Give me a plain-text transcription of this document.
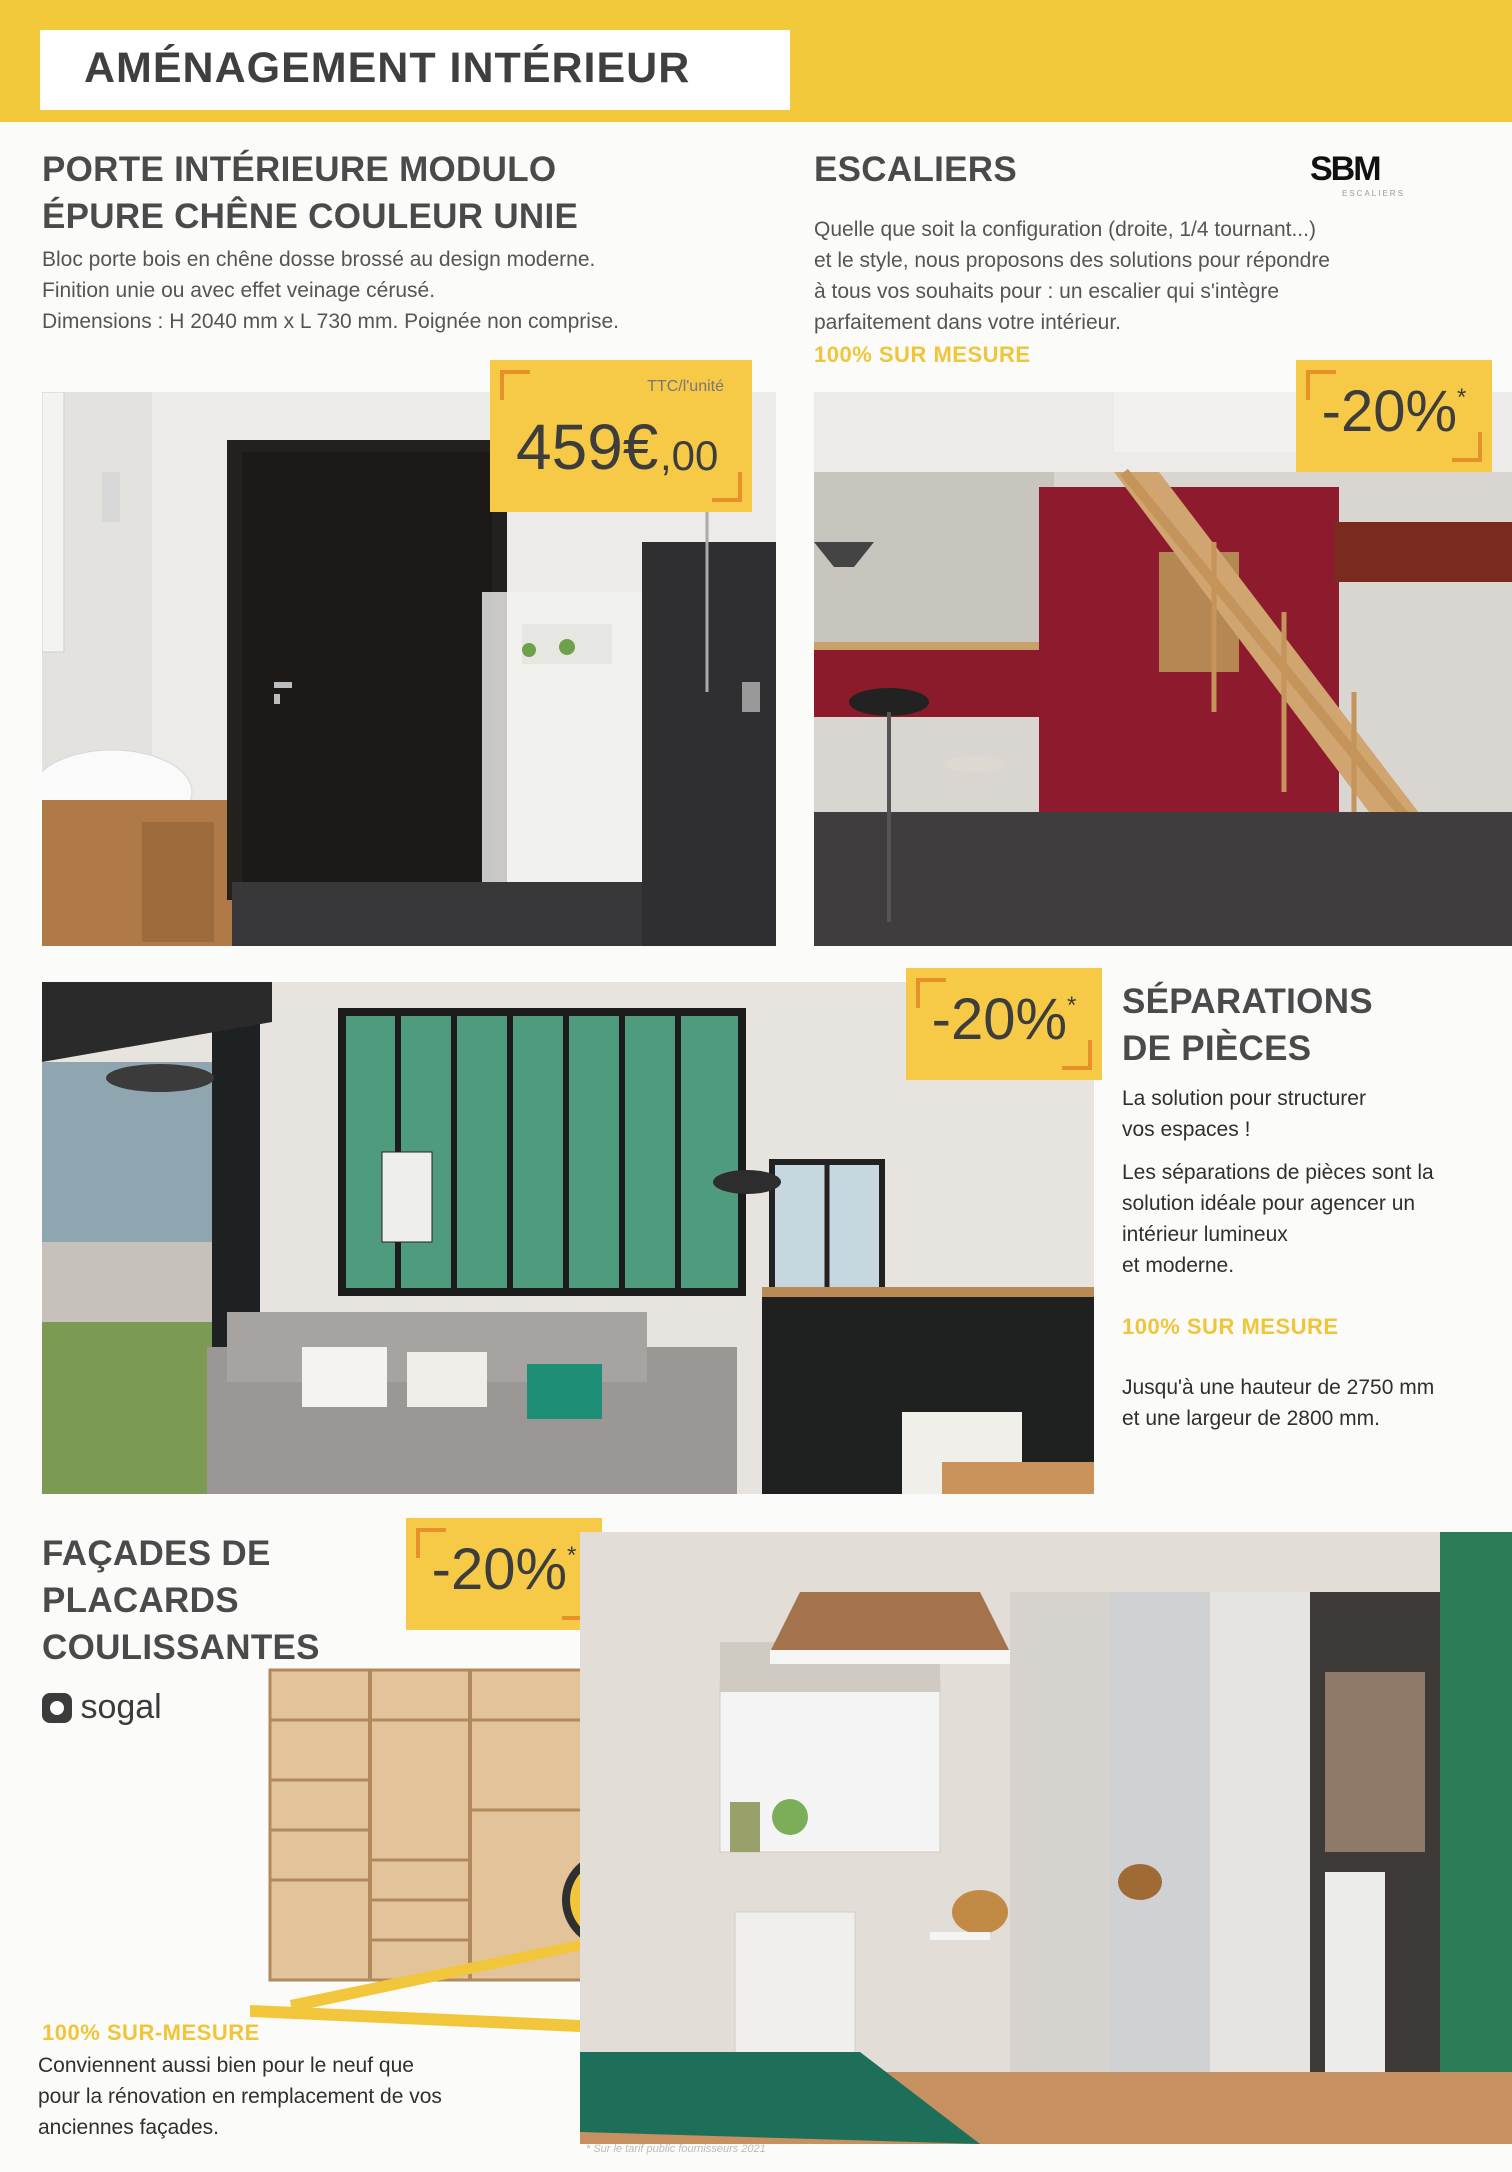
AMÉNAGEMENT INTÉRIEUR

PORTE INTÉRIEURE MODULO

ÉPURE CHÊNE COULEUR UNIE

Bloc porte bois en chêne dosse brossé au design moderne.

Finition unie ou avec effet veinage cérusé.

Dimensions : H 2040 mm x L 730 mm. Poignée non comprise.

TTC/l'unité
459€ ,00

ESCALIERS	SBM
ESCALIERS

Quelle que soit la configuration (droite, 1/4 tournant...)

et le style, nous proposons des solutions pour répondre

à tous vos souhaits pour : un escalier qui s'intègre

parfaitement dans votre intérieur.

100% SUR MESURE
-20%*
-20%*	SÉPARATIONS

DE PIÈCES

La solution pour structurer

vos espaces !

Les séparations de pièces sont la

solution idéale pour agencer un

intérieur lumineux

et moderne.

100% SUR MESURE

Jusqu'à une hauteur de 2750 mm

et une largeur de 2800 mm.

FAÇADES DE

PLACARDS

COULISSANTES

sogal
-20%*
100% SUR-MESURE

Conviennent aussi bien pour le neuf que

pour la rénovation en remplacement de vos

anciennes façades.

* Sur le tarif public fournisseurs 2021
